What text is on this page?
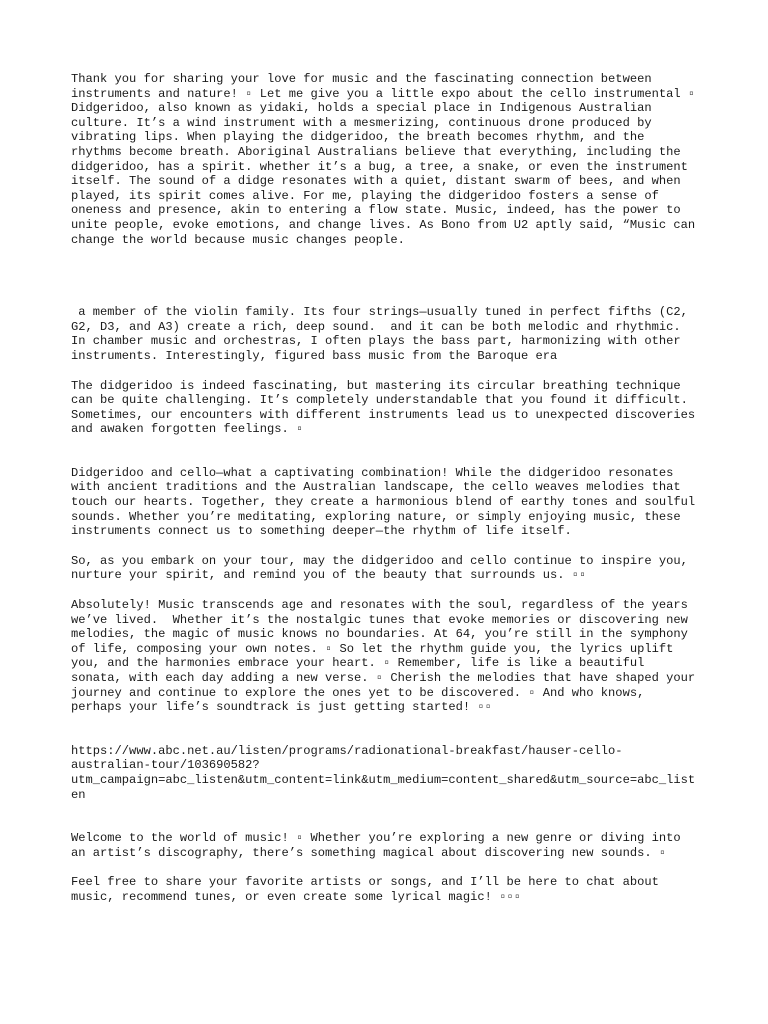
Thank you for sharing your love for music and the fascinating connection between instruments and nature! ▫ Let me give you a little expo about the cello instrumental ▫  Didgeridoo, also known as yidaki, holds a special place in Indigenous Australian culture. It’s a wind instrument with a mesmerizing, continuous drone produced by vibrating lips. When playing the didgeridoo, the breath becomes rhythm, and the rhythms become breath. Aboriginal Australians believe that everything, including the didgeridoo, has a spirit. whether it’s a bug, a tree, a snake, or even the instrument itself. The sound of a didge resonates with a quiet, distant swarm of bees, and when played, its spirit comes alive. For me, playing the didgeridoo fosters a sense of oneness and presence, akin to entering a flow state. Music, indeed, has the power to unite people, evoke emotions, and change lives. As Bono from U2 aptly said, “Music can change the world because music changes people.

a member of the violin family. Its four strings—usually tuned in perfect fifths (C2, G2, D3, and A3) create a rich, deep sound.  and it can be both melodic and rhythmic. In chamber music and orchestras, I often plays the bass part, harmonizing with other instruments. Interestingly, figured bass music from the Baroque era

The didgeridoo is indeed fascinating, but mastering its circular breathing technique can be quite challenging. It’s completely understandable that you found it difficult. Sometimes, our encounters with different instruments lead us to unexpected discoveries and awaken forgotten feelings. ▫

Didgeridoo and cello—what a captivating combination! While the didgeridoo resonates with ancient traditions and the Australian landscape, the cello weaves melodies that touch our hearts. Together, they create a harmonious blend of earthy tones and soulful sounds. Whether you’re meditating, exploring nature, or simply enjoying music, these instruments connect us to something deeper—the rhythm of life itself.

So, as you embark on your tour, may the didgeridoo and cello continue to inspire you, nurture your spirit, and remind you of the beauty that surrounds us. ▫▫

Absolutely! Music transcends age and resonates with the soul, regardless of the years we’ve lived.  Whether it’s the nostalgic tunes that evoke memories or discovering new melodies, the magic of music knows no boundaries. At 64, you’re still in the symphony of life, composing your own notes. ▫ So let the rhythm guide you, the lyrics uplift you, and the harmonies embrace your heart. ▫ Remember, life is like a beautiful sonata, with each day adding a new verse. ▫ Cherish the melodies that have shaped your journey and continue to explore the ones yet to be discovered. ▫ And who knows, perhaps your life’s soundtrack is just getting started! ▫▫

https://www.abc.net.au/listen/programs/radionational-breakfast/hauser-cello-australian-tour/103690582?utm_campaign=abc_listen&utm_content=link&utm_medium=content_shared&utm_source=abc_listen

Welcome to the world of music! ▫ Whether you’re exploring a new genre or diving into an artist’s discography, there’s something magical about discovering new sounds. ▫

Feel free to share your favorite artists or songs, and I’ll be here to chat about music, recommend tunes, or even create some lyrical magic! ▫▫▫
